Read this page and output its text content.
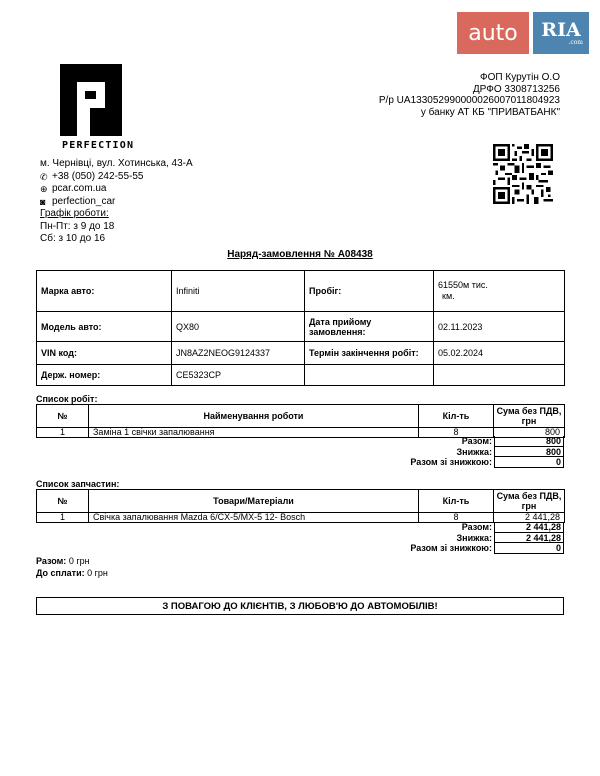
auto	RIA
.com
PERFECTION
м. Чернівці, вул. Хотинська, 43-А
✆ +38 (050) 242-55-55
⊕ pcar.com.ua
◙ perfection_car
Графік роботи:
Пн-Пт: з 9 до 18
Сб: з 10 до 16
ФОП Курутін О.О
ДРФО 3308713256
Р/р UA133052990000026007011804923
у банку АТ КБ "ПРИВАТБАНК"
Наряд-замовлення № А08438
Марка авто:	Infiniti	Пробіг:	61550м тис.
км.

Модель авто:	QX80	Дата прийому замовлення:	02.11.2023
VIN код:	JN8AZ2NEOG9124337	Термін закінчення робіт:	05.02.2024
Держ. номер:	CE5323CP		
Список робіт:
№	Найменування роботи	Кіл-ть	Сума без ПДВ, грн
1	Заміна 1 свічки запалювання	8	800
Разом:	800
Знижка:	800
Разом зі знижкою:	0
Список запчастин:
№	Товари/Матеріали	Кіл-ть	Сума без ПДВ, грн
1	Свічка запалювання Mazda 6/CX-5/MX-5 12- Bosch	8	2 441,28
Разом:	2 441,28
Знижка:	2 441,28
Разом зі знижкою:	0
Разом: 0 грн
До сплати: 0 грн
З ПОВАГОЮ ДО КЛІЄНТІВ, З ЛЮБОВ'Ю ДО АВТОМОБІЛІВ!
